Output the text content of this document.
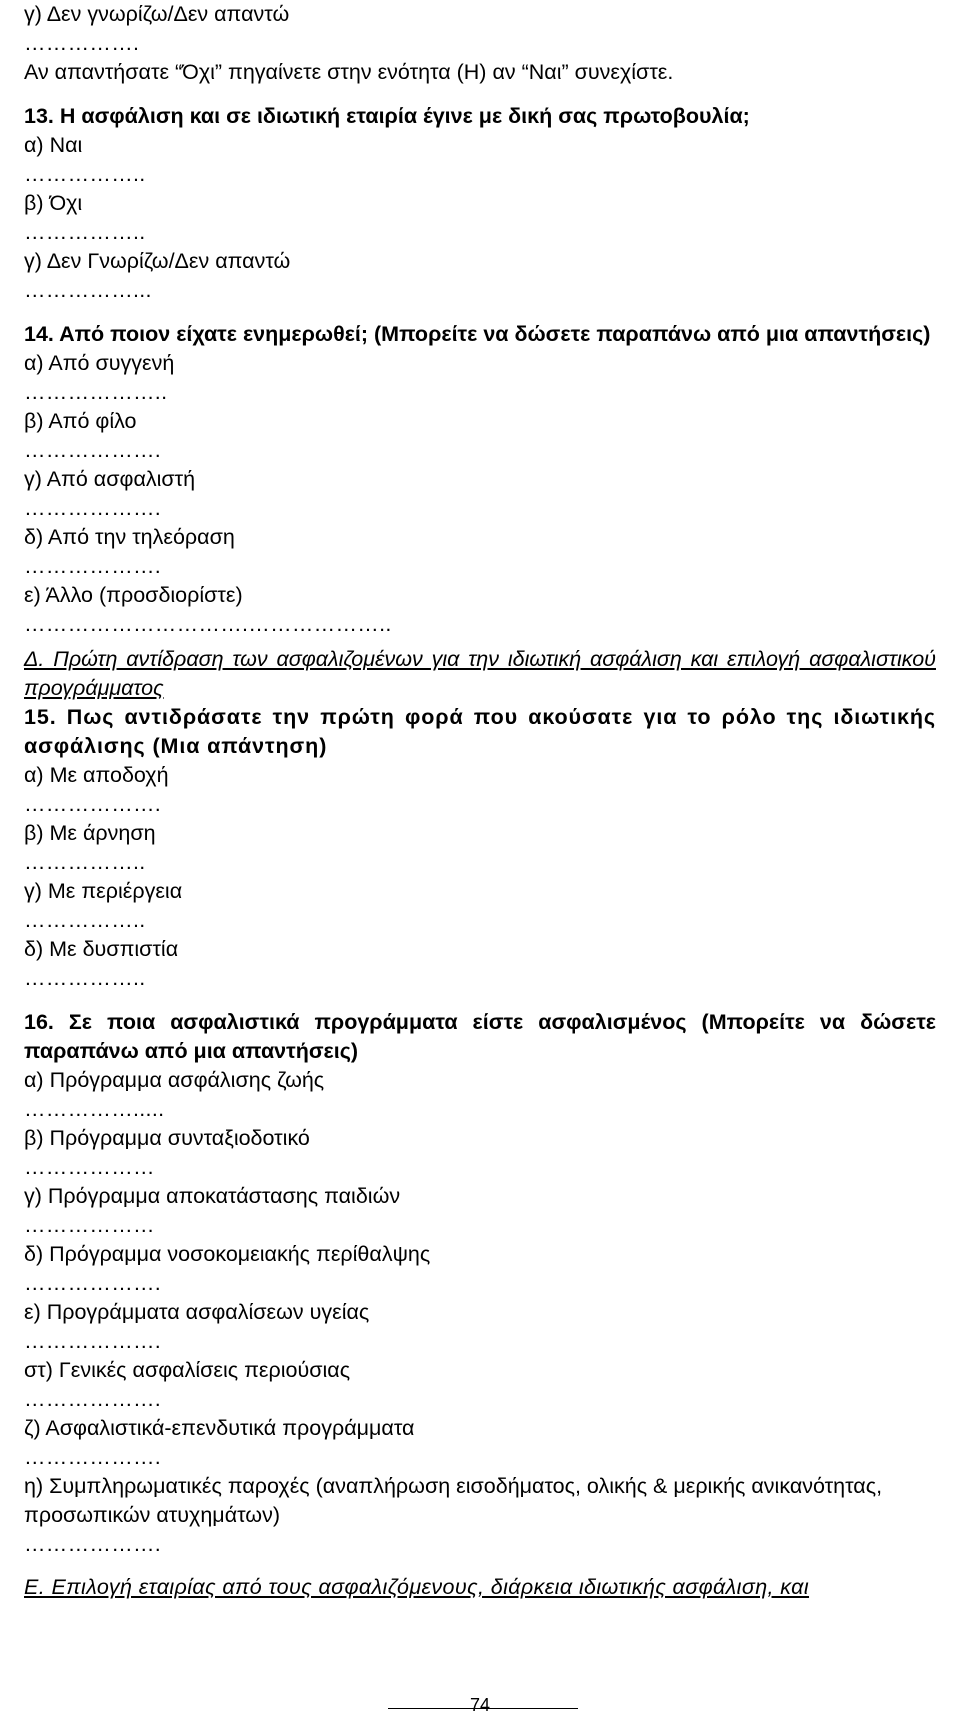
γ) Δεν γνωρίζω/Δεν απαντώ
…………….
Αν απαντήσατε “Όχι” πηγαίνετε στην ενότητα (Η) αν “Ναι” συνεχίστε.
13. Η ασφάλιση και σε ιδιωτική εταιρία έγινε με δική σας πρωτοβουλία;
α) Ναι
……………..
β) Όχι
……………..
γ) Δεν Γνωρίζω/Δεν απαντώ
……………...
14. Από ποιον είχατε ενημερωθεί; (Μπορείτε να δώσετε παραπάνω από μια απαντήσεις)
α) Από συγγενή
………………..
β) Από φίλο
……………….
γ) Από ασφαλιστή
……………….
δ) Από την τηλεόραση
……………….
ε) Άλλο (προσδιορίστε)
………………………….………………..
Δ. Πρώτη αντίδραση των ασφαλιζομένων για την ιδιωτική ασφάλιση και επιλογή ασφαλιστικού προγράμματος
15. Πως αντιδράσατε την πρώτη φορά που ακούσατε για το ρόλο της ιδιωτικής ασφάλισης (Μια απάντηση)
α) Με αποδοχή
……………….
β) Με άρνηση
……………..
γ) Με περιέργεια
……………..
δ) Με δυσπιστία
……………..
16. Σε ποια ασφαλιστικά προγράμματα είστε ασφαλισμένος (Μπορείτε να δώσετε παραπάνω από μια απαντήσεις)
α) Πρόγραμμα ασφάλισης ζωής
…………….....
β) Πρόγραμμα συνταξιοδοτικό
………………
γ) Πρόγραμμα αποκατάστασης παιδιών
………………
δ) Πρόγραμμα νοσοκομειακής περίθαλψης
……………….
ε) Προγράμματα ασφαλίσεων υγείας
……………….
στ) Γενικές ασφαλίσεις περιούσιας
……………….
ζ) Ασφαλιστικά-επενδυτικά προγράμματα
……………….
η) Συμπληρωματικές παροχές (αναπλήρωση εισοδήματος, ολικής & μερικής ανικανότητας, προσωπικών ατυχημάτων)
……………….
Ε. Επιλογή εταιρίας από τους ασφαλιζόμενους, διάρκεια ιδιωτικής ασφάλιση, και
74
